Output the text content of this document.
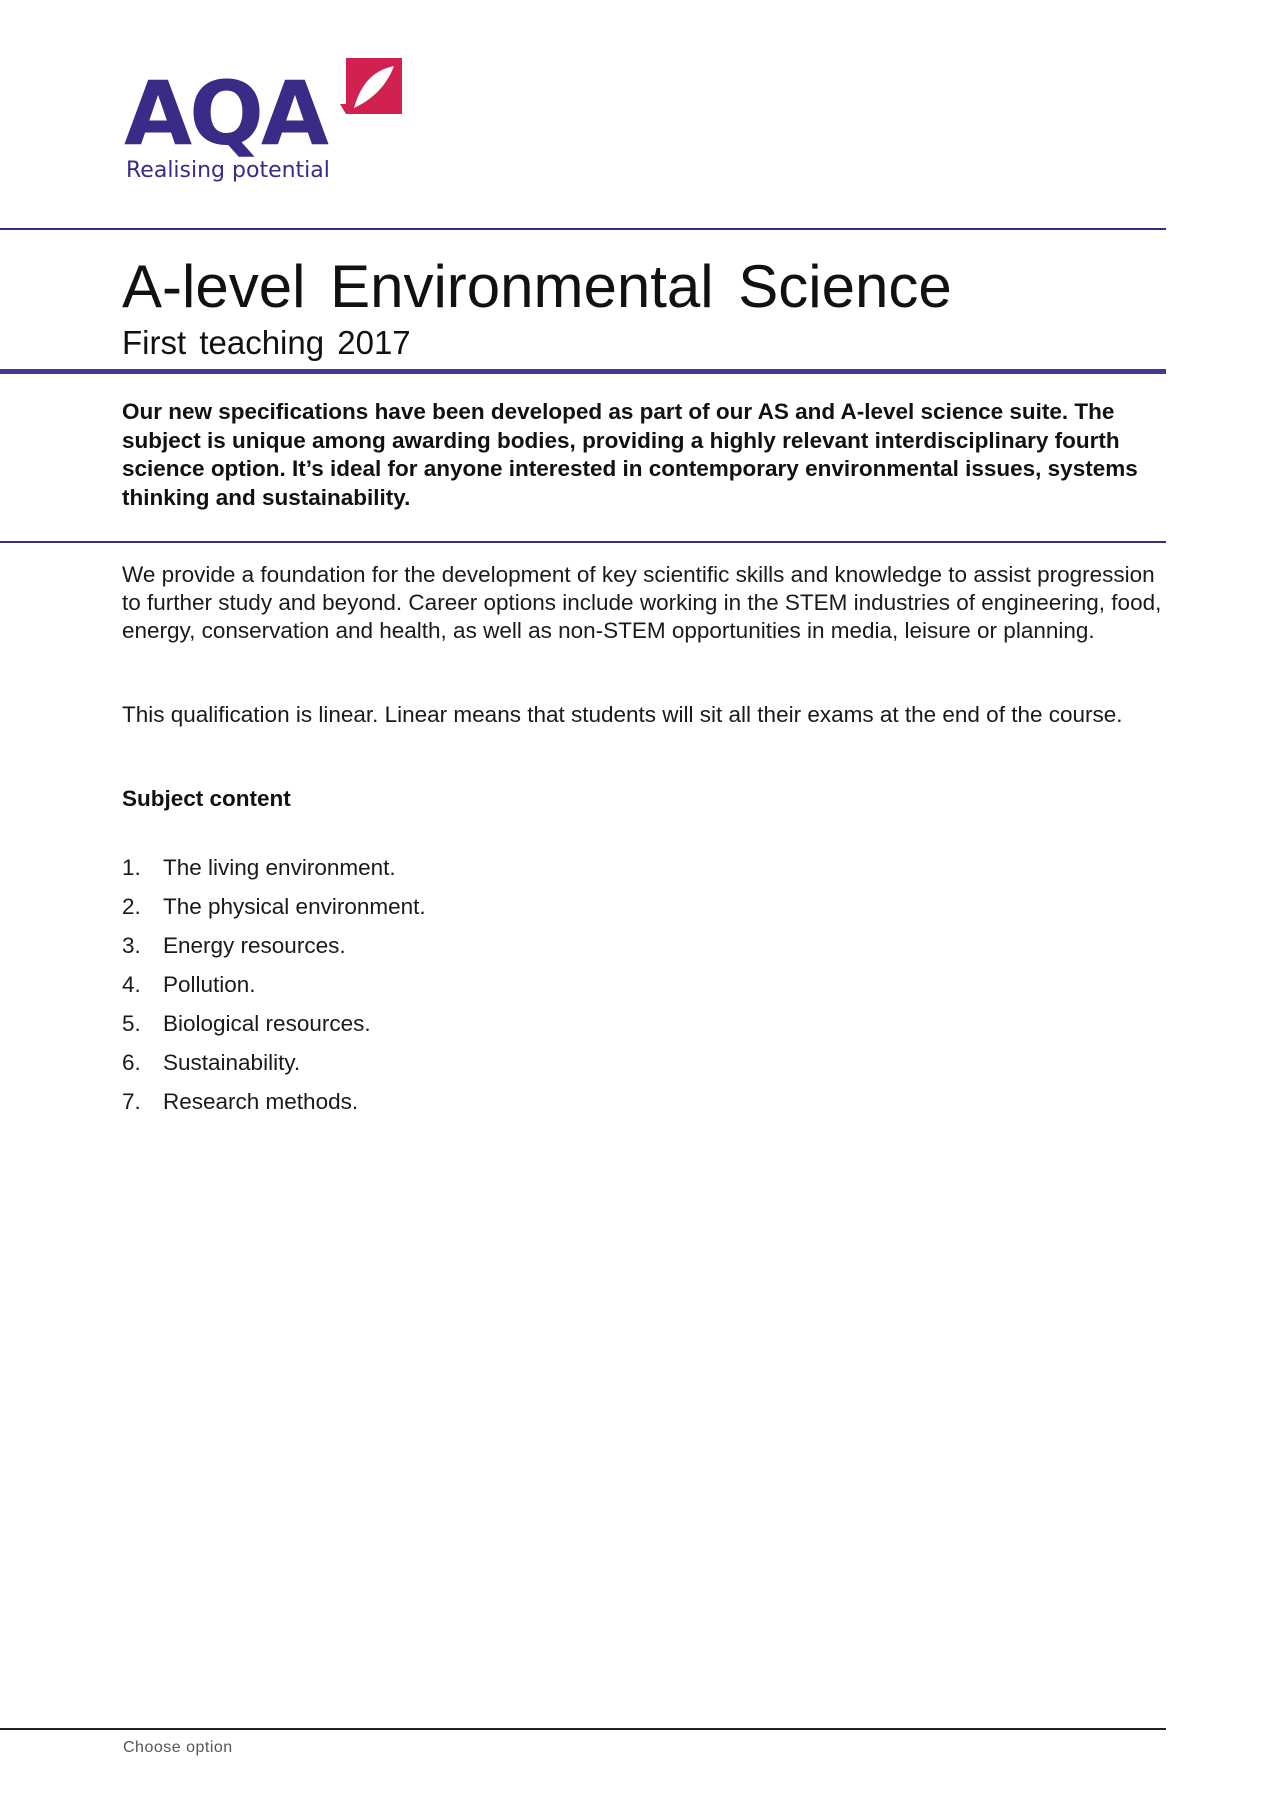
AQA
Realising potential
A-level Environmental Science
First teaching 2017

Our new specifications have been developed as part of our AS and A-level science suite. The subject is unique among awarding bodies, providing a highly relevant interdisciplinary fourth science option. It’s ideal for anyone interested in contemporary environmental issues, systems thinking and sustainability.

We provide a foundation for the development of key scientific skills and knowledge to assist progression to further study and beyond. Career options include working in the STEM industries of engineering, food, energy, conservation and health, as well as non-STEM opportunities in media, leisure or planning.

This qualification is linear. Linear means that students will sit all their exams at the end of the course.

Subject content
1. The living environment.
2. The physical environment.
3. Energy resources.
4. Pollution.
5. Biological resources.
6. Sustainability.
7. Research methods.
Choose option
